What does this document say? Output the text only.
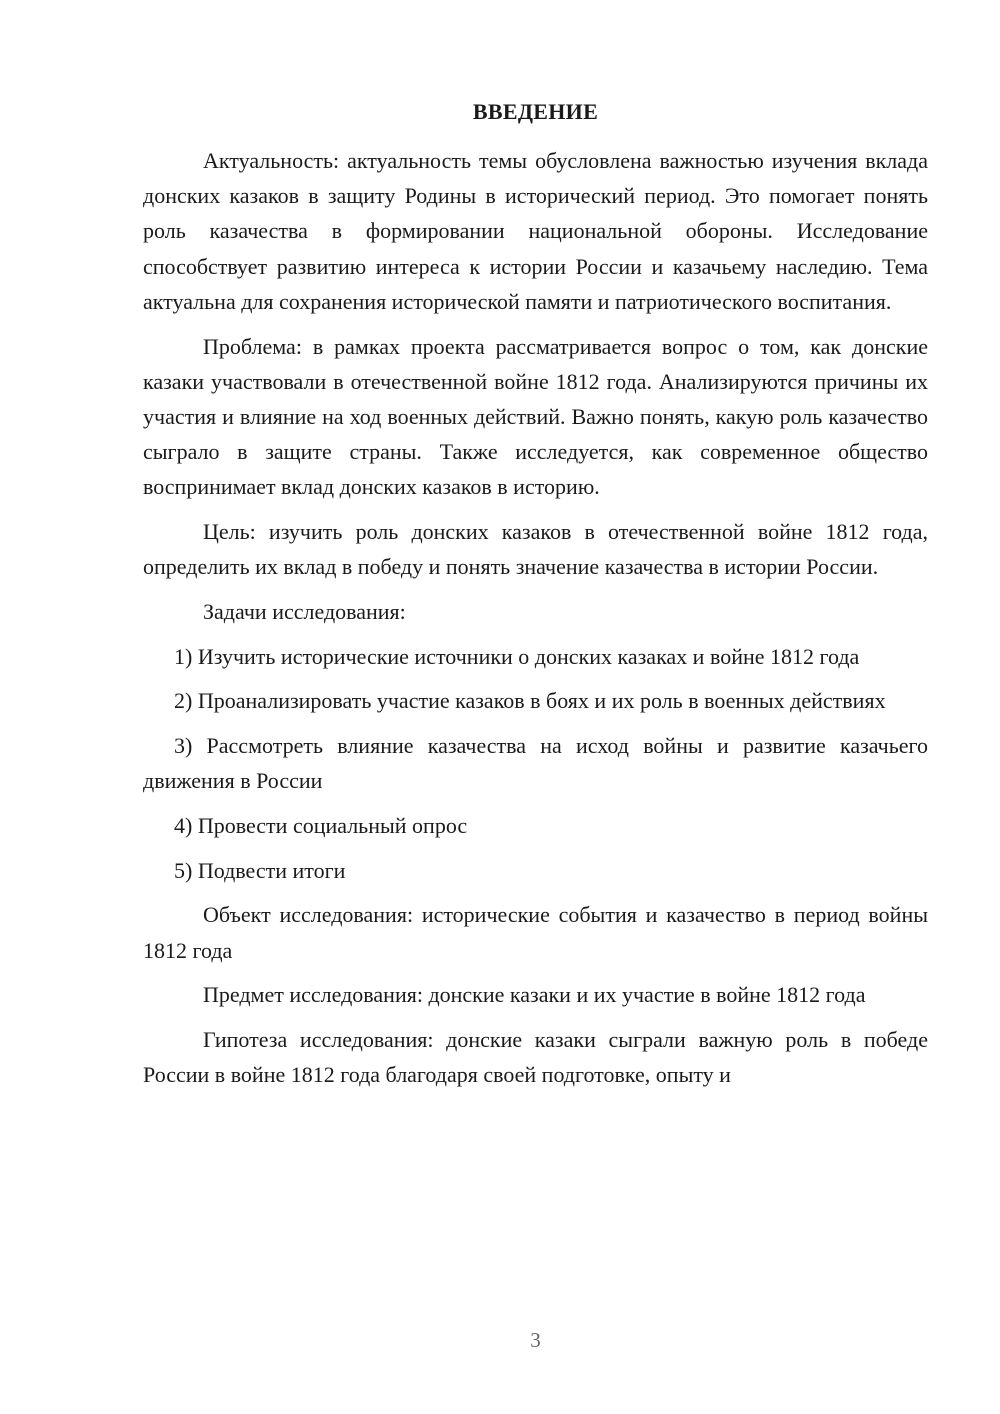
ВВЕДЕНИЕ

Актуальность: актуальность темы обусловлена важностью изучения вклада донских казаков в защиту Родины в исторический период. Это помогает понять роль казачества в формировании национальной обороны. Исследование способствует развитию интереса к истории России и казачьему наследию. Тема актуальна для сохранения исторической памяти и патриотического воспитания.

Проблема: в рамках проекта рассматривается вопрос о том, как донские казаки участвовали в отечественной войне 1812 года. Анализируются причины их участия и влияние на ход военных действий. Важно понять, какую роль казачество сыграло в защите страны. Также исследуется, как современное общество воспринимает вклад донских казаков в историю.

Цель: изучить роль донских казаков в отечественной войне 1812 года, определить их вклад в победу и понять значение казачества в истории России.

Задачи исследования:

1) Изучить исторические источники о донских казаках и войне 1812 года

2) Проанализировать участие казаков в боях и их роль в военных действиях

3) Рассмотреть влияние казачества на исход войны и развитие казачьего движения в России

4) Провести социальный опрос

5) Подвести итоги

Объект исследования: исторические события и казачество в период войны 1812 года

Предмет исследования: донские казаки и их участие в войне 1812 года

Гипотеза исследования: донские казаки сыграли важную роль в победе России в войне 1812 года благодаря своей подготовке, опыту и

3
